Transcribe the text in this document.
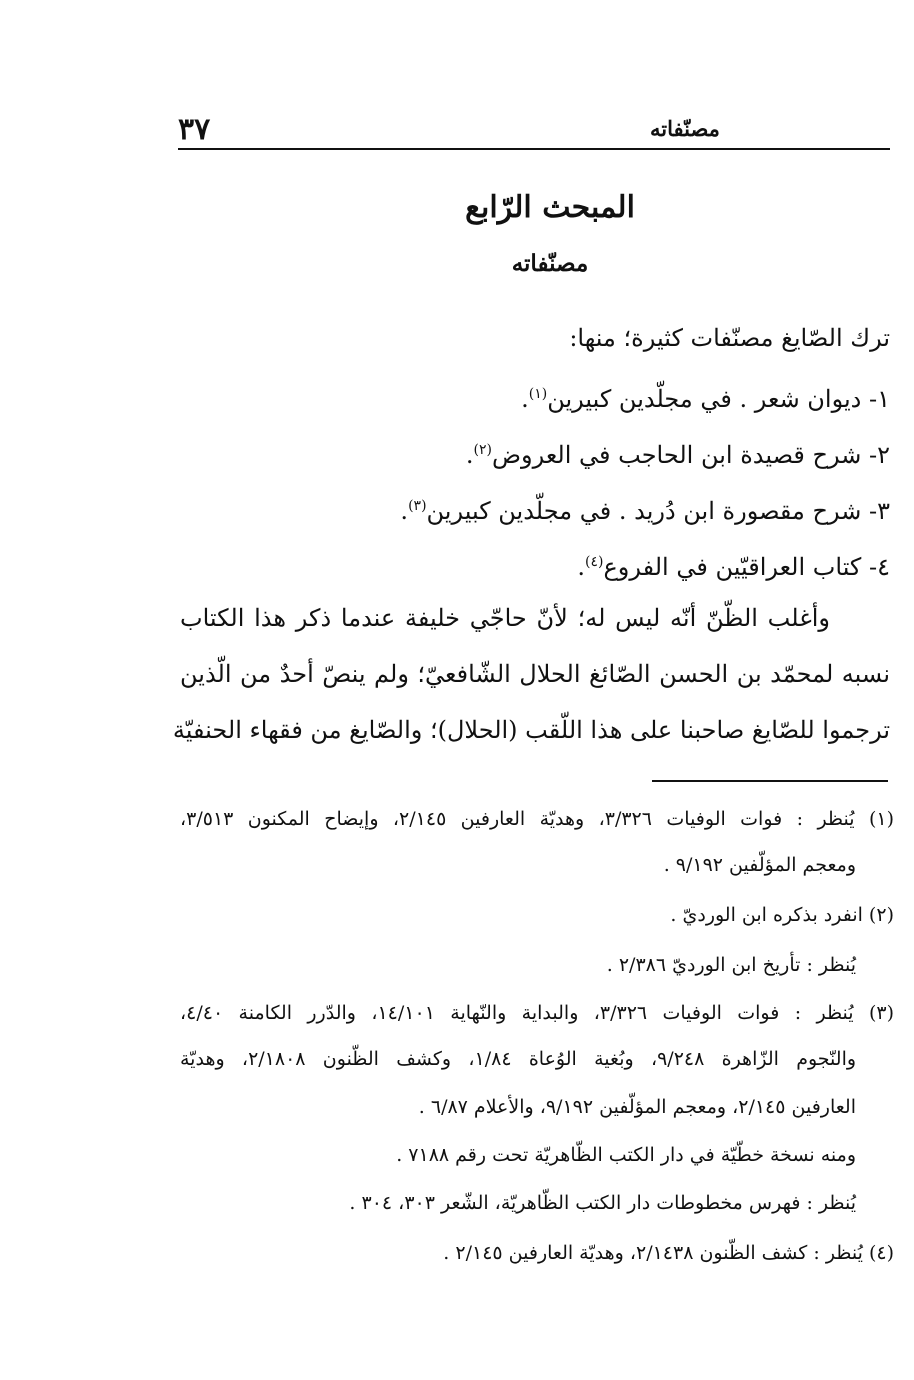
٣٧	مصنّفاته
المبحث الرّابع
مصنّفاته
ترك الصّايغ مصنّفات كثيرة؛ منها:
١- ديوان شعر . في مجلّدين كبيرين$^{(١)}$.
٢- شرح قصيدة ابن الحاجب في العروض$^{(٢)}$.
٣- شرح مقصورة ابن دُريد . في مجلّدين كبيرين$^{(٣)}$.
٤- كتاب العراقيّين في الفروع$^{(٤)}$.
وأغلب الظّنّ أنّه ليس له؛ لأنّ حاجّي خليفة عندما ذكر هذا الكتاب
نسبه لمحمّد بن الحسن الصّائغ الحلال الشّافعيّ؛ ولم ينصّ أحدٌ من الّذين
ترجموا للصّايغ صاحبنا على هذا اللّقب (الحلال)؛ والصّايغ من فقهاء الحنفيّة
(١) يُنظر : فوات الوفيات ٣/٣٢٦، وهديّة العارفين ٢/١٤٥، وإيضاح المكنون ٣/٥١٣،
ومعجم المؤلّفين ٩/١٩٢ .
(٢) انفرد بذكره ابن الورديّ .
يُنظر : تأريخ ابن الورديّ ٢/٣٨٦ .
(٣) يُنظر : فوات الوفيات ٣/٣٢٦، والبداية والنّهاية ١٤/١٠١، والدّرر الكامنة ٤/٤٠،
والنّجوم الزّاهرة ٩/٢٤٨، وبُغية الوُعاة ١/٨٤، وكشف الظّنون ٢/١٨٠٨، وهديّة
العارفين ٢/١٤٥، ومعجم المؤلّفين ٩/١٩٢، والأعلام ٦/٨٧ .
ومنه نسخة خطّيّة في دار الكتب الظّاهريّة تحت رقم ٧١٨٨ .
يُنظر : فهرس مخطوطات دار الكتب الظّاهريّة، الشّعر ٣٠٣، ٣٠٤ .
(٤) يُنظر : كشف الظّنون ٢/١٤٣٨، وهديّة العارفين ٢/١٤٥ .
